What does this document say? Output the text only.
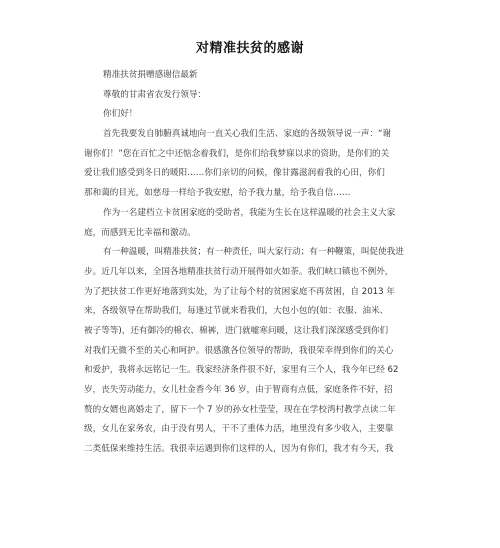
对精准扶贫的感谢
精准扶贫捐赠感谢信最新
尊敬的甘肃省农发行领导：
你们好！
首先我要发自肺腑真诚地向一直关心我们生活、家庭的各级领导说一声：“谢
谢你们！”您在百忙之中还惦念着我们，是你们给我梦寐以求的资助，是你们的关
爱让我们感受到冬日的暖阳……你们亲切的问候，像甘露滋润着我的心田，你们
那和蔼的目光，如慈母一样给予我安慰，给予我力量，给予我自信……
作为一名建档立卡贫困家庭的受助者，我能为生长在这样温暖的社会主义大家
庭，而感到无比幸福和激动。
有一种温暖，叫精准扶贫；有一种责任，叫大家行动；有一种鞭策，叫促使我进
步。近几年以来，全国各地精准扶贫行动开展得如火如荼。我们峡口镇也不例外，
为了把扶贫工作更好地落到实处，为了让每个村的贫困家庭不再贫困，自 2013 年
来，各级领导在帮助我们，每逢过节就来看我们，大包小包的(如：衣服、油米、
被子等等)，还有御冷的棉衣、棉裤，进门就嘘寒问暖，这让我们深深感受到你们
对我们无微不至的关心和呵护。很感激各位领导的帮助，我很荣幸得到你们的关心
和爱护，我将永远铭记一生。我家经济条件很不好，家里有三个人，我今年已经 62
岁，丧失劳动能力，女儿杜金香今年 36 岁，由于智商有点低，家庭条件不好，招
赘的女婿也离婚走了，留下一个 7 岁的孙女杜莹莹，现在在学校湾村教学点读二年
级，女儿在家务农，由于没有男人，干不了重体力活，地里没有多少收入，主要靠
二类低保来维持生活。我很幸运遇到你们这样的人，因为有你们，我才有今天，我
